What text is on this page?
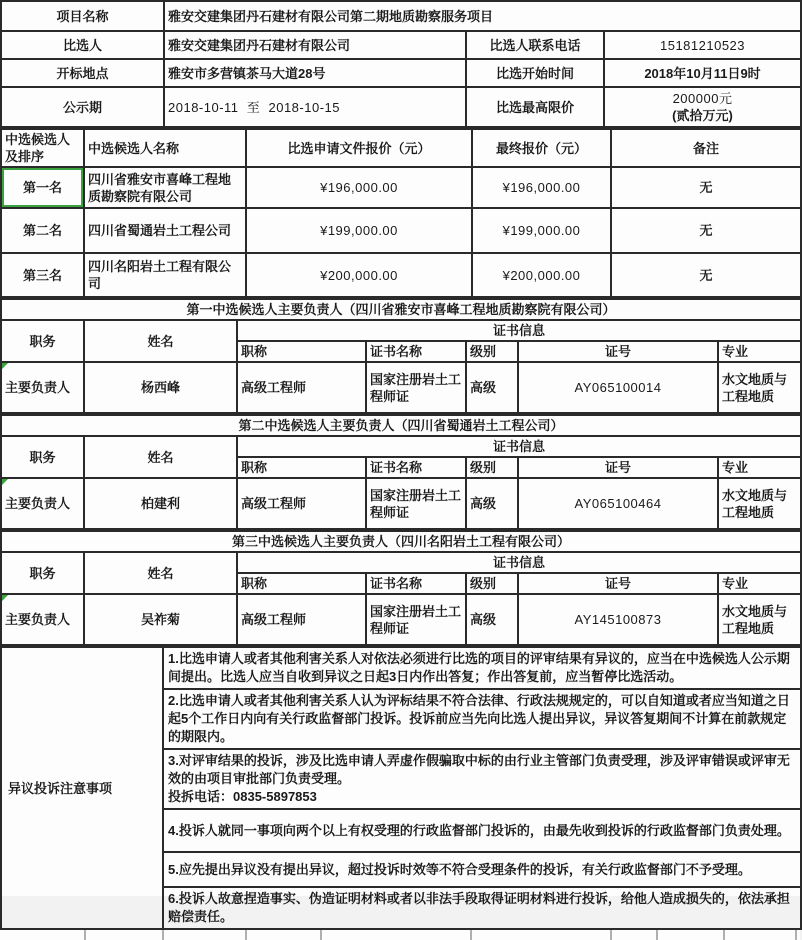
项目名称	雅安交建集团丹石建材有限公司第二期地质勘察服务项目		
比选人	雅安交建集团丹石建材有限公司	比选人联系电话	15181210523
开标地点	雅安市多营镇茶马大道28号	比选开始时间	2018年10月11日9时
公示期	2018-10-11  至  2018-10-15	比选最高限价	200000元
(贰拾万元)
中选候选人及排序	中选候选人名称	比选申请文件报价（元）	最终报价（元）	备注
第一名	四川省雅安市喜峰工程地质勘察院有限公司	¥196,000.00	¥196,000.00	无
第二名	四川省蜀通岩土工程公司	¥199,000.00	¥199,000.00	无
第三名	四川名阳岩土工程有限公司	¥200,000.00	¥200,000.00	无
第一中选候选人主要负责人（四川省雅安市喜峰工程地质勘察院有限公司）						
职务	姓名	证书信息				
		职称	证书名称	级别	证号	专业
主要负责人	杨西峰	高级工程师	国家注册岩土工程师证	高级	AY065100014	水文地质与工程地质
第二中选候选人主要负责人（四川省蜀通岩土工程公司）						
职务	姓名	证书信息				
		职称	证书名称	级别	证号	专业
主要负责人	柏建利	高级工程师	国家注册岩土工程师证	高级	AY065100464	水文地质与工程地质
第三中选候选人主要负责人（四川名阳岩土工程有限公司）						
职务	姓名	证书信息				
		职称	证书名称	级别	证号	专业
主要负责人	吴祚菊	高级工程师	国家注册岩土工程师证	高级	AY145100873	水文地质与工程地质
异议投诉注意事项	1.比选申请人或者其他利害关系人对依法必须进行比选的项目的评审结果有异议的，应当在中选候选人公示期间提出。比选人应当自收到异议之日起3日内作出答复；作出答复前，应当暂停比选活动。
2.比选申请人或者其他利害关系人认为评标结果不符合法律、行政法规规定的，可以自知道或者应当知道之日起5个工作日内向有关行政监督部门投诉。投诉前应当先向比选人提出异议，异议答复期间不计算在前款规定的期限内。

3.对评审结果的投诉，涉及比选申请人弄虚作假骗取中标的由行业主管部门负责受理，涉及评审错误或评审无效的由项目审批部门负责受理。
投拆电话：0835-5897853

4.投诉人就同一事项向两个以上有权受理的行政监督部门投诉的，由最先收到投诉的行政监督部门负责处理。
5.应先提出异议没有提出异议，超过投诉时效等不符合受理条件的投诉，有关行政监督部门不予受理。
6.投诉人故意捏造事实、伪造证明材料或者以非法手段取得证明材料进行投诉，给他人造成损失的，依法承担赔偿责任。
